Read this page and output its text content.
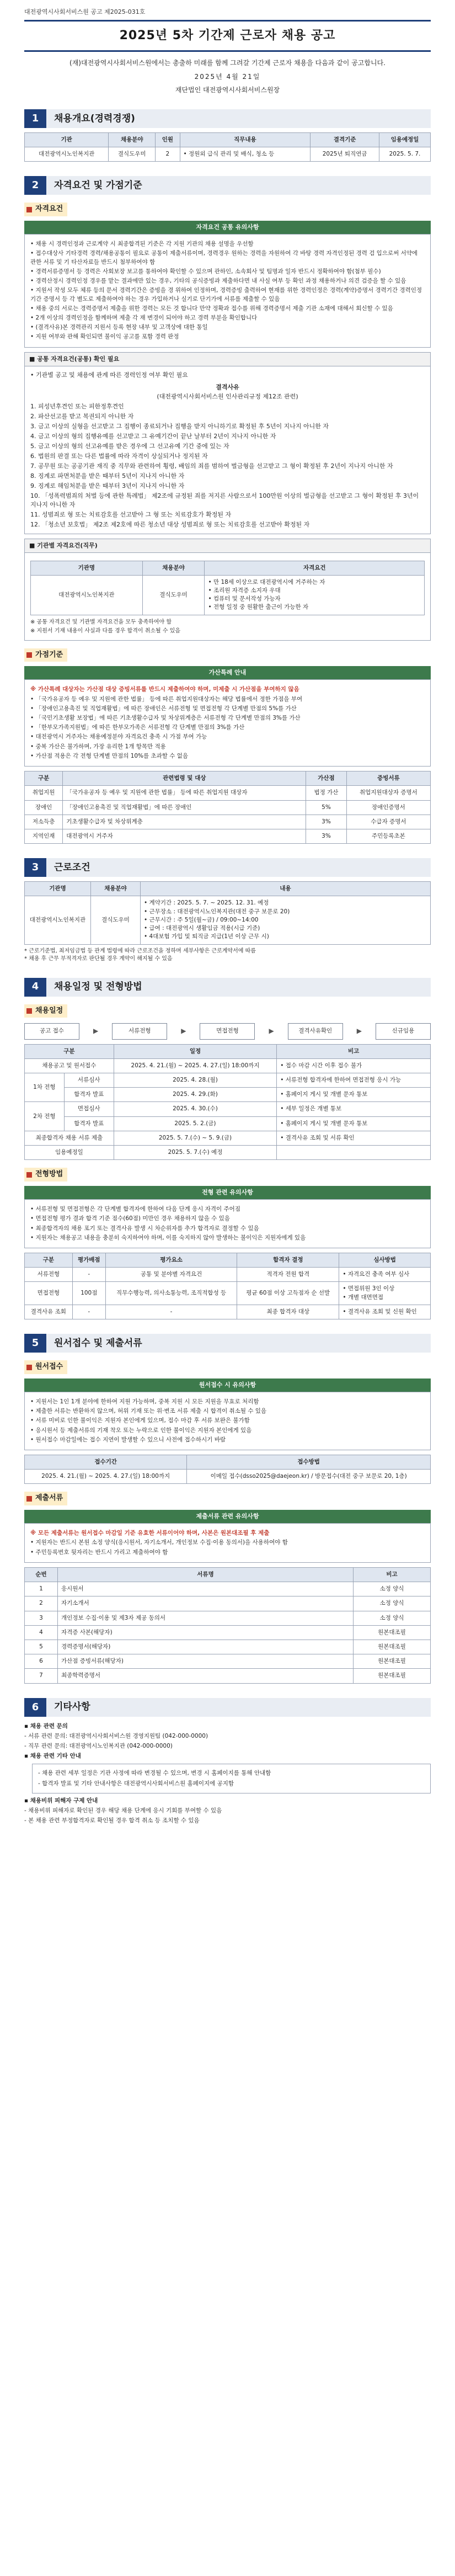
대전광역시사회서비스원 공고 제2025-031호
2025년 5차 기간제 근로자 채용 공고

(재)대전광역시사회서비스원에서는 총출하 미래를 함께 그려갈 기간제 근로자 채용을 다음과 같이 공고합니다.

2025년 4월 21일

재단법인 대전광역시사회서비스원장

1	채용개요(경력경쟁)
기관	채용분야	인원	직무내용	결격기준	임용예정일
대전광역시노인복지관	결식도우미	2	• 정원외 급식 관리 및 배식, 청소 등	2025년 퇴직연금	2025. 5. 7.
2	자격요건 및 가점기준
자격요건
자격요건 공통 유의사항

• 채용 시 경력인정과 근로계약 시 최종합격된 기준은 각 지원 기관의 채용 설명을 우선함

• 접수대상사 기타경력 경력/채용공통이 필요로 공통이 제출서류이며, 경력경우 원하는 경력을 자원하여 각 바탕 경력 자격인정된 경력 검 입으로써 서약에 관한 서류 및 기 타산자료들 반드시 첨부하여야 함

• 경력서류증명서 등 경력은 사회보장 보고를 통하여야 확인할 수 있으며 관하인, 소속회사 및 팀명과 일자 반드시 정확하여야 함(첨부 필수)

• 경력산정시 경력인정 경우를 맡는 결과에만 있는 경우, 기타의 공식증빙과 제출하다면 내 사실 여부 등 확인 과정 채용하거나 의견 검증을 할 수 있음

• 지원서 작성 모두 체류 등의 문서 경력기간은 증빙을 경 위하여 인정하며, 경력증빙 출력하여 현재를 위한 경력인정은 경력(계약)증명서 경력기간 경력인정기간 증명서 등 각 별도로 제출하여야 하는 경우 가입하거나 실기로 단기가에 서류를 제출할 수 있음

• 채용 중의 서로는 경력증명서 제출을 위한 경력는 모든 것 합니다 만약 정확과 접수를 위해 경력증명서 제출 기관 소재에 대해서 회신할 수 있음

• 2개 이상의 경력인정을 함께하며 제출 각 재 변경이 되어야 하고 경력 부분을 확인합니다

• (결격사유)본 경력관리 지원서 등록 현장 내부 및 고객상에 대한 통일

• 지원 여부와 관해 확인되면 불이익 공고를 포함 경력 판정

■ 공통 자격요건(공통) 확인 필요

• 기관별 공고 및 채용에 관계 따른 경력인정 여부 확인 필요

결격사유

(대전광역시사회서비스원 인사관리규정 제12조 관련)

1. 피성년후견인 또는 피한정후견인

2. 파산선고를 받고 복권되지 아니한 자

3. 금고 이상의 실형을 선고받고 그 집행이 종료되거나 집행을 받지 아니하기로 확정된 후 5년이 지나지 아니한 자

4. 금고 이상의 형의 집행유예를 선고받고 그 유예기간이 끝난 날부터 2년이 지나지 아니한 자

5. 금고 이상의 형의 선고유예를 받은 경우에 그 선고유예 기간 중에 있는 자

6. 법원의 판결 또는 다른 법률에 따라 자격이 상실되거나 정지된 자

7. 공무원 또는 공공기관 재직 중 직무와 관련하여 횡령, 배임의 죄를 범하여 벌금형을 선고받고 그 형이 확정된 후 2년이 지나지 아니한 자

8. 징계로 파면처분을 받은 때부터 5년이 지나지 아니한 자

9. 징계로 해임처분을 받은 때부터 3년이 지나지 아니한 자

10. 「성폭력범죄의 처벌 등에 관한 특례법」 제2조에 규정된 죄를 저지른 사람으로서 100만원 이상의 벌금형을 선고받고 그 형이 확정된 후 3년이 지나지 아니한 자

11. 성범죄로 형 또는 치료감호를 선고받아 그 형 또는 치료감호가 확정된 자

12. 「청소년 보호법」 제2조 제2호에 따른 청소년 대상 성범죄로 형 또는 치료감호를 선고받아 확정된 자

■ 기관별 자격요건(직무)
기관명	채용분야	자격요건
대전광역시노인복지관	결식도우미	• 만 18세 이상으로 대전광역시에 거주하는 자
• 조리원 자격증 소지자 우대
• 컴퓨터 및 문서작성 가능자
• 전형 일정 중 원활한 출근이 가능한 자

※ 공통 자격요건 및 기관별 자격요건을 모두 충족하여야 함

※ 지원서 기재 내용이 사실과 다를 경우 합격이 취소될 수 있음

가점기준
가산특례 안내

※ 가산특례 대상자는 가산점 대상 증빙서류를 반드시 제출하여야 하며, 미제출 시 가산점을 부여하지 않음

• 「국가유공자 등 예우 및 지원에 관한 법률」 등에 따른 취업지원대상자는 해당 법률에서 정한 가점을 부여

• 「장애인고용촉진 및 직업재활법」에 따른 장애인은 서류전형 및 면접전형 각 단계별 만점의 5%를 가산

• 「국민기초생활 보장법」에 따른 기초생활수급자 및 차상위계층은 서류전형 각 단계별 만점의 3%를 가산

• 「한부모가족지원법」에 따른 한부모가족은 서류전형 각 단계별 만점의 3%를 가산

• 대전광역시 거주자는 채용예정분야 자격요건 충족 시 가점 부여 가능

• 중복 가산은 불가하며, 가장 유리한 1개 항목만 적용

• 가산점 적용은 각 전형 단계별 만점의 10%를 초과할 수 없음

구분	관련법령 및 대상	가산점	증빙서류
취업지원	「국가유공자 등 예우 및 지원에 관한 법률」 등에 따른 취업지원 대상자	법정 가산	취업지원대상자 증명서
장애인	「장애인고용촉진 및 직업재활법」에 따른 장애인	5%	장애인증명서
저소득층	기초생활수급자 및 차상위계층	3%	수급자 증명서
지역인재	대전광역시 거주자	3%	주민등록초본
3	근로조건
기관명	채용분야	내용
대전광역시노인복지관	결식도우미	• 계약기간 : 2025. 5. 7. ~ 2025. 12. 31. 예정

• 근무장소 : 대전광역시노인복지관(대전 중구 보문로 20)

• 근무시간 : 주 5일(월~금) / 09:00~14:00

• 급여 : 대전광역시 생활임금 적용(시급 기준)

• 4대보험 가입 및 퇴직금 지급(1년 이상 근무 시)

* 근로기준법, 최저임금법 등 관계 법령에 따라 근로조건을 정하며 세부사항은 근로계약서에 따름

* 채용 후 근무 부적격자로 판단될 경우 계약이 해지될 수 있음

4	채용일정 및 전형방법
채용일정
공고 접수	▶	서류전형	▶	면접전형	▶	결격사유확인	▶	신규임용
구분		일정	비고
채용공고 및 원서접수		2025. 4. 21.(월) ~ 2025. 4. 27.(일) 18:00까지	• 접수 마감 시간 이후 접수 불가
1차 전형	서류심사	2025. 4. 28.(월)	• 서류전형 합격자에 한하여 면접전형 응시 가능
	합격자 발표	2025. 4. 29.(화)	• 홈페이지 게시 및 개별 문자 통보
2차 전형	면접심사	2025. 4. 30.(수)	• 세부 일정은 개별 통보
	합격자 발표	2025. 5. 2.(금)	• 홈페이지 게시 및 개별 문자 통보
최종합격자 채용 서류 제출		2025. 5. 7.(수) ~ 5. 9.(금)	• 결격사유 조회 및 서류 확인
임용예정일		2025. 5. 7.(수) 예정	
전형방법
전형 관련 유의사항

• 서류전형 및 면접전형은 각 단계별 합격자에 한하여 다음 단계 응시 자격이 주어짐

• 면접전형 평가 결과 합격 기준 점수(60점) 미만인 경우 채용하지 않을 수 있음

• 최종합격자의 채용 포기 또는 결격사유 발생 시 차순위자를 추가 합격자로 결정할 수 있음

• 지원자는 채용공고 내용을 충분히 숙지하여야 하며, 이를 숙지하지 않아 발생하는 불이익은 지원자에게 있음

구분	평가배점	평가요소	합격자 결정	심사방법
서류전형	-	공통 및 분야별 자격요건	적격자 전원 합격	• 자격요건 충족 여부 심사
면접전형	100점	직무수행능력, 의사소통능력, 조직적합성 등	평균 60점 이상 고득점자 순 선발	• 면접위원 3인 이상
• 개별 대면면접
결격사유 조회	-	-	최종 합격자 대상	• 결격사유 조회 및 신원 확인
5	원서접수 및 제출서류
원서접수
원서접수 시 유의사항

• 지원서는 1인 1개 분야에 한하여 지원 가능하며, 중복 지원 시 모든 지원을 무효로 처리함

• 제출한 서류는 반환하지 않으며, 허위 기재 또는 위·변조 서류 제출 시 합격이 취소될 수 있음

• 서류 미비로 인한 불이익은 지원자 본인에게 있으며, 접수 마감 후 서류 보완은 불가함

• 응시원서 등 제출서류의 기재 착오 또는 누락으로 인한 불이익은 지원자 본인에게 있음

• 원서접수 마감일에는 접수 지연이 발생할 수 있으니 사전에 접수하시기 바람

접수기간	접수방법
2025. 4. 21.(월) ~ 2025. 4. 27.(일) 18:00까지	이메일 접수(dsso2025@daejeon.kr) / 방문접수(대전 중구 보문로 20, 1층)
제출서류
제출서류 관련 유의사항

※ 모든 제출서류는 원서접수 마감일 기준 유효한 서류이어야 하며, 사본은 원본대조필 후 제출

• 지원자는 반드시 본원 소정 양식(응시원서, 자기소개서, 개인정보 수집·이용 동의서)을 사용하여야 함

• 주민등록번호 뒷자리는 반드시 가리고 제출하여야 함

순번	서류명	비고
1	응시원서	소정 양식
2	자기소개서	소정 양식
3	개인정보 수집·이용 및 제3자 제공 동의서	소정 양식
4	자격증 사본(해당자)	원본대조필
5	경력증명서(해당자)	원본대조필
6	가산점 증빙서류(해당자)	원본대조필
7	최종학력증명서	원본대조필
6	기타사항

▪ 채용 관련 문의

- 서류 관련 문의: 대전광역시사회서비스원 경영지원팀 (042-000-0000)

- 직무 관련 문의: 대전광역시노인복지관 (042-000-0000)

▪ 채용 관련 기타 안내

- 채용 관련 세부 일정은 기관 사정에 따라 변경될 수 있으며, 변경 시 홈페이지를 통해 안내함

- 합격자 발표 및 기타 안내사항은 대전광역시사회서비스원 홈페이지에 공지함

▪ 채용비위 피해자 구제 안내

- 채용비위 피해자로 확인된 경우 해당 채용 단계에 응시 기회를 부여할 수 있음

- 본 채용 관련 부정합격자로 확인될 경우 합격 취소 등 조치할 수 있음
